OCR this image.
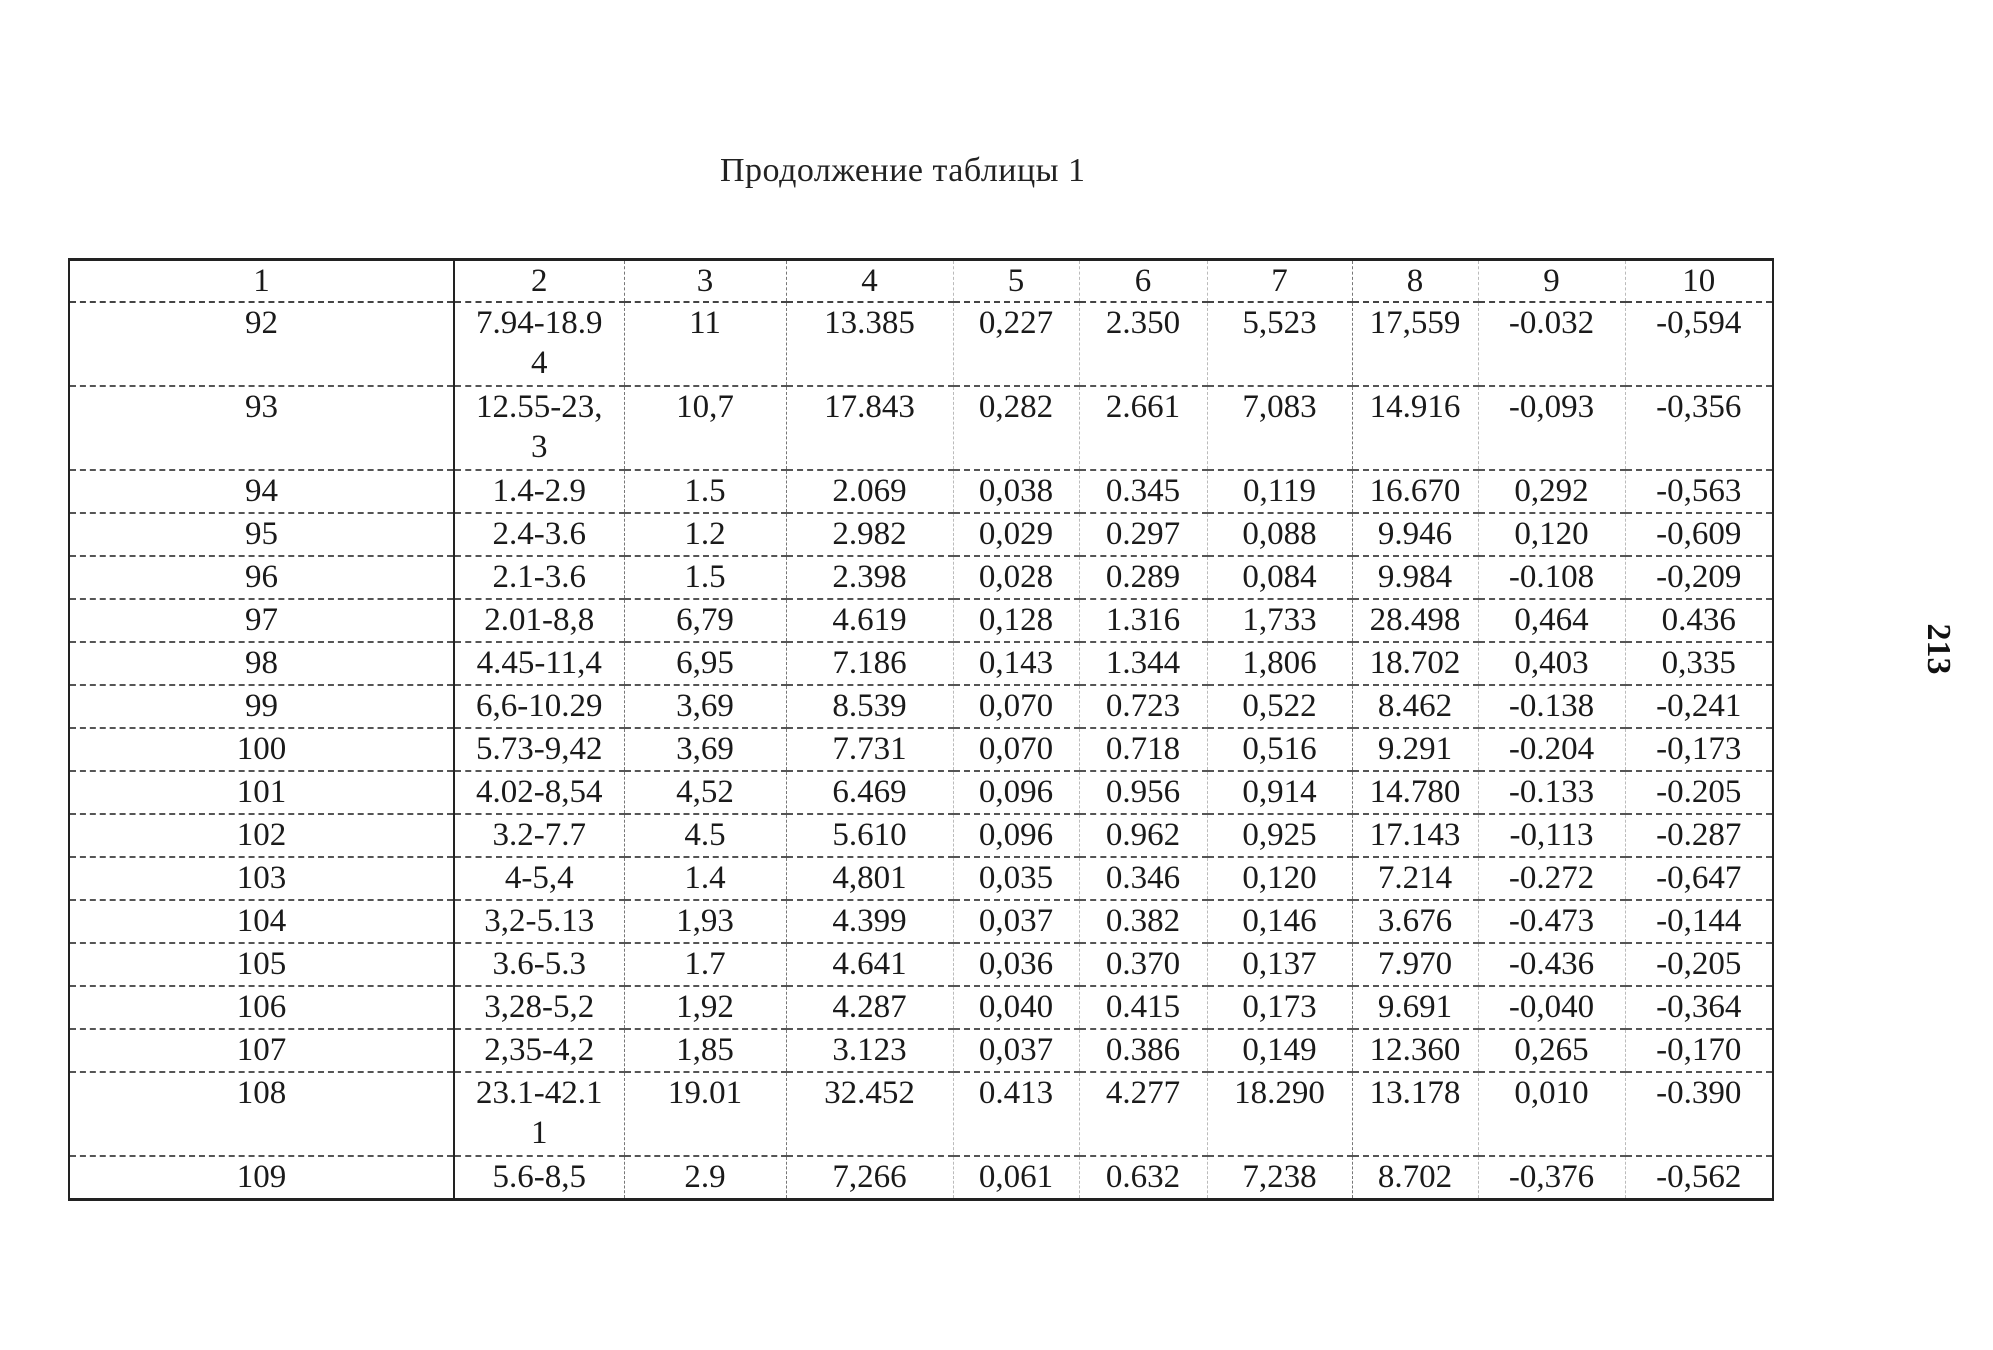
Продолжение таблицы 1
213
1	2	3	4	5	6	7	8	9	10
92	7.94-18.94	11	13.385	0,227	2.350	5,523	17,559	-0.032	-0,594
93	12.55-23,3	10,7	17.843	0,282	2.661	7,083	14.916	-0,093	-0,356
94	1.4-2.9	1.5	2.069	0,038	0.345	0,119	16.670	0,292	-0,563
95	2.4-3.6	1.2	2.982	0,029	0.297	0,088	9.946	0,120	-0,609
96	2.1-3.6	1.5	2.398	0,028	0.289	0,084	9.984	-0.108	-0,209
97	2.01-8,8	6,79	4.619	0,128	1.316	1,733	28.498	0,464	0.436
98	4.45-11,4	6,95	7.186	0,143	1.344	1,806	18.702	0,403	0,335
99	6,6-10.29	3,69	8.539	0,070	0.723	0,522	8.462	-0.138	-0,241
100	5.73-9,42	3,69	7.731	0,070	0.718	0,516	9.291	-0.204	-0,173
101	4.02-8,54	4,52	6.469	0,096	0.956	0,914	14.780	-0.133	-0.205
102	3.2-7.7	4.5	5.610	0,096	0.962	0,925	17.143	-0,113	-0.287
103	4-5,4	1.4	4,801	0,035	0.346	0,120	7.214	-0.272	-0,647
104	3,2-5.13	1,93	4.399	0,037	0.382	0,146	3.676	-0.473	-0,144
105	3.6-5.3	1.7	4.641	0,036	0.370	0,137	7.970	-0.436	-0,205
106	3,28-5,2	1,92	4.287	0,040	0.415	0,173	9.691	-0,040	-0,364
107	2,35-4,2	1,85	3.123	0,037	0.386	0,149	12.360	0,265	-0,170
108	23.1-42.11	19.01	32.452	0.413	4.277	18.290	13.178	0,010	-0.390
109	5.6-8,5	2.9	7,266	0,061	0.632	7,238	8.702	-0,376	-0,562
